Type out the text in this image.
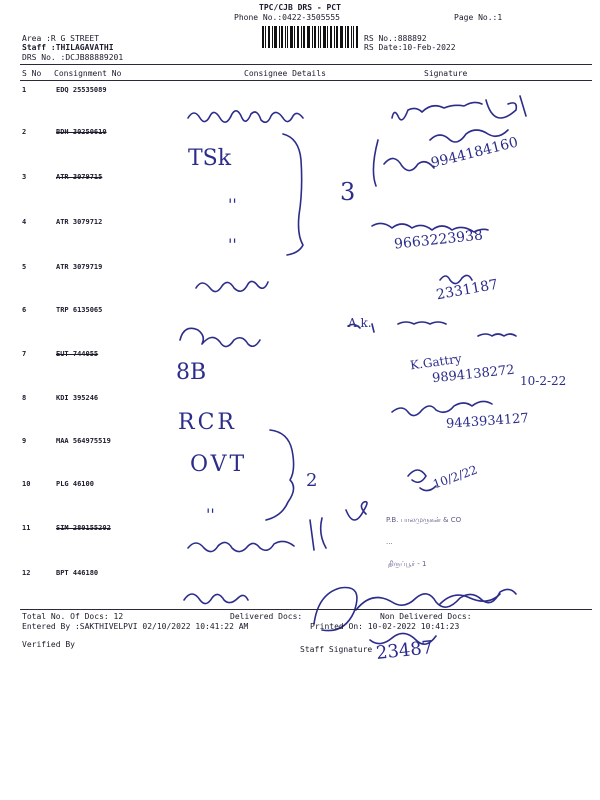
TPC/CJB DRS - PCT
Phone No.:0422-3505555	Page No.:1
Area :R G STREET
Staff :THILAGAVATHI
DRS No. :DCJB88889201
RS No.:888892
RS Date:10-Feb-2022
S No Consignment No	Consignee Details	Signature
1	EDQ 25535089
2	BDH 30250610
3	ATR 3079715
4	ATR 3079712
5	ATR 3079719
6	TRP 6135065
7	EUT 744055
8	KDI 395246
9	MAA 564975519
10	PLG 46100
11	SIM 280155202
12	BPT 446180
TSk	9944184160
''	3
''	9663223938
2331187
A.k.
8B	K.Gattry
9894138272 10-2-22
RCR	9443934127
OVT
2	10/2/22
''
23487
P.B. பாலமுருகன் & CO
...
திருப்பூர் - 1
Total No. Of Docs: 12	Delivered Docs:	Non Delivered Docs:
Entered By :SAKTHIVELPVI 02/10/2022 10:41:22 AM	Printed On: 10-02-2022 10:41:23
Verified By
Staff Signature
